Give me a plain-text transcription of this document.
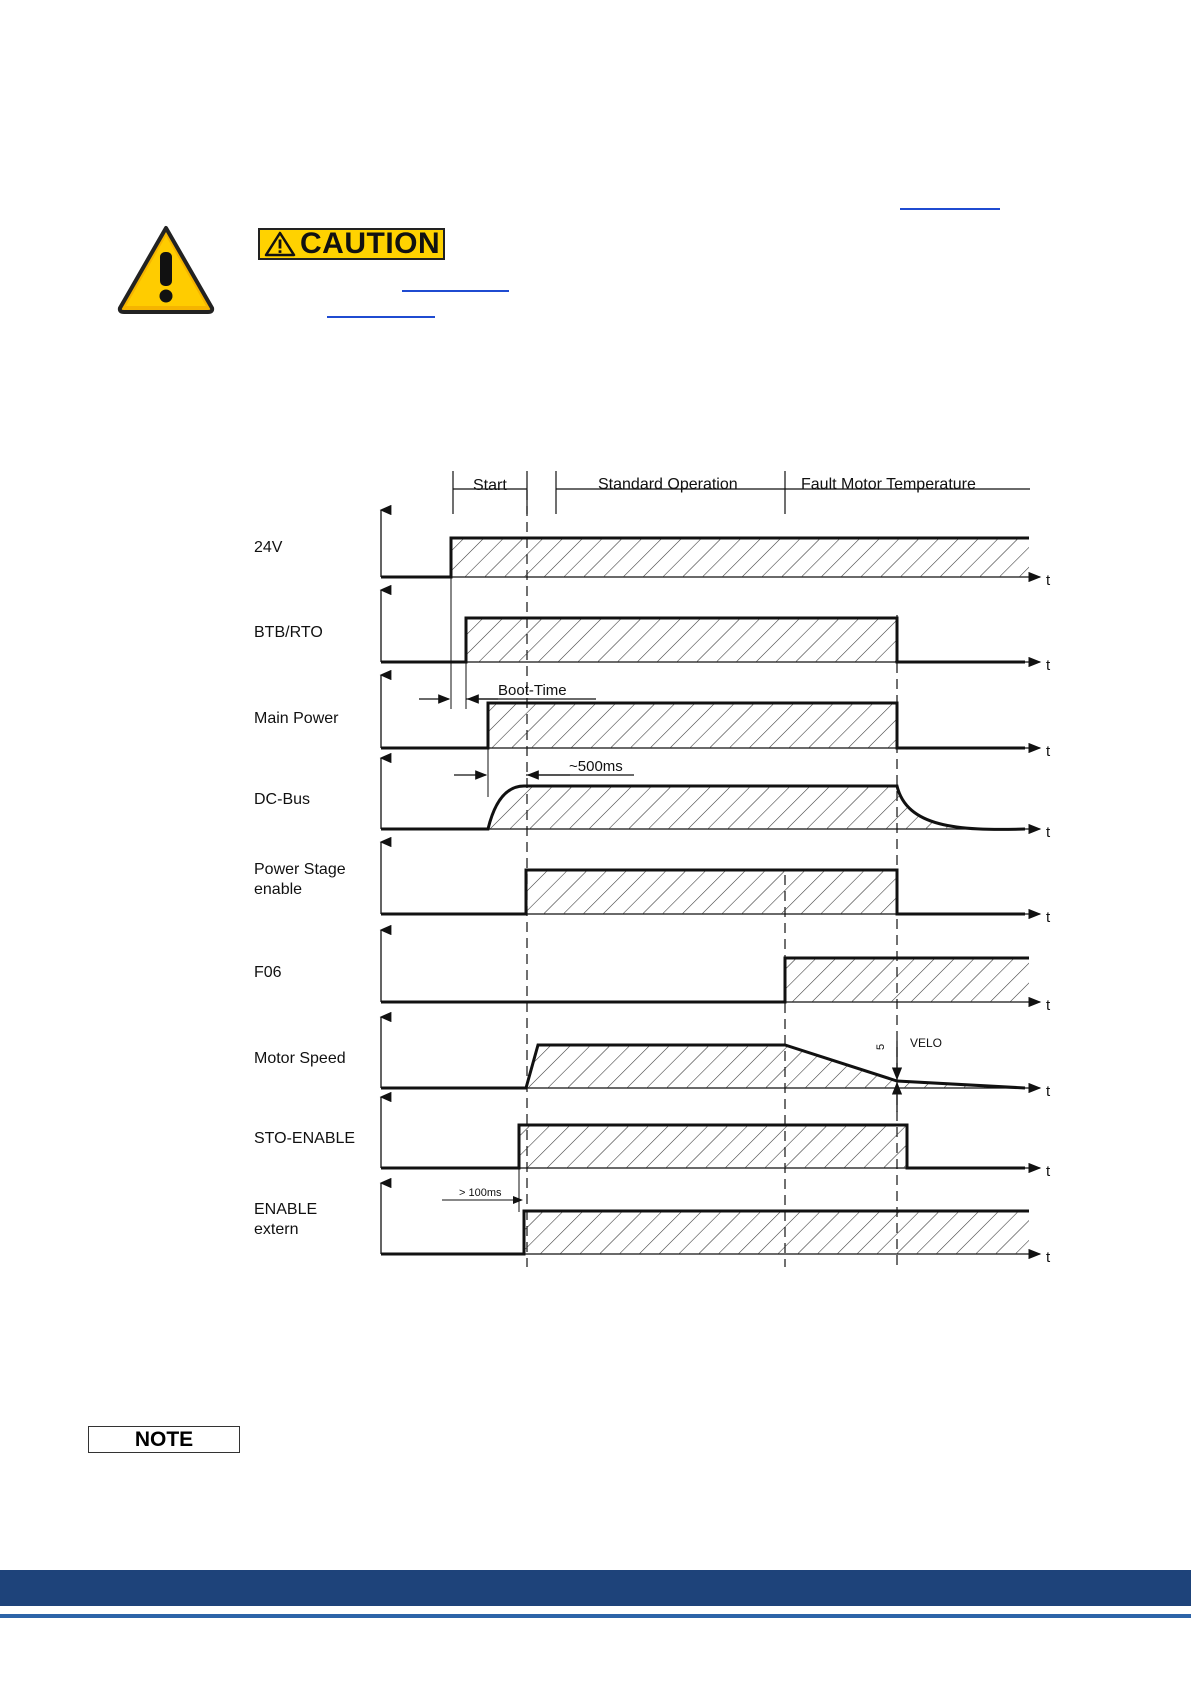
CAUTION
Start	Standard Operation	Fault Motor Temperature
t
24V
t
BTB/RTO
t
Main Power
t
DC-Bus
t
Power Stage
enable
t
F06
t
Motor Speed
t
STO-ENABLE
t
ENABLE
extern
VELO
5
Boot-Time
~500ms
> 100ms
NOTE
